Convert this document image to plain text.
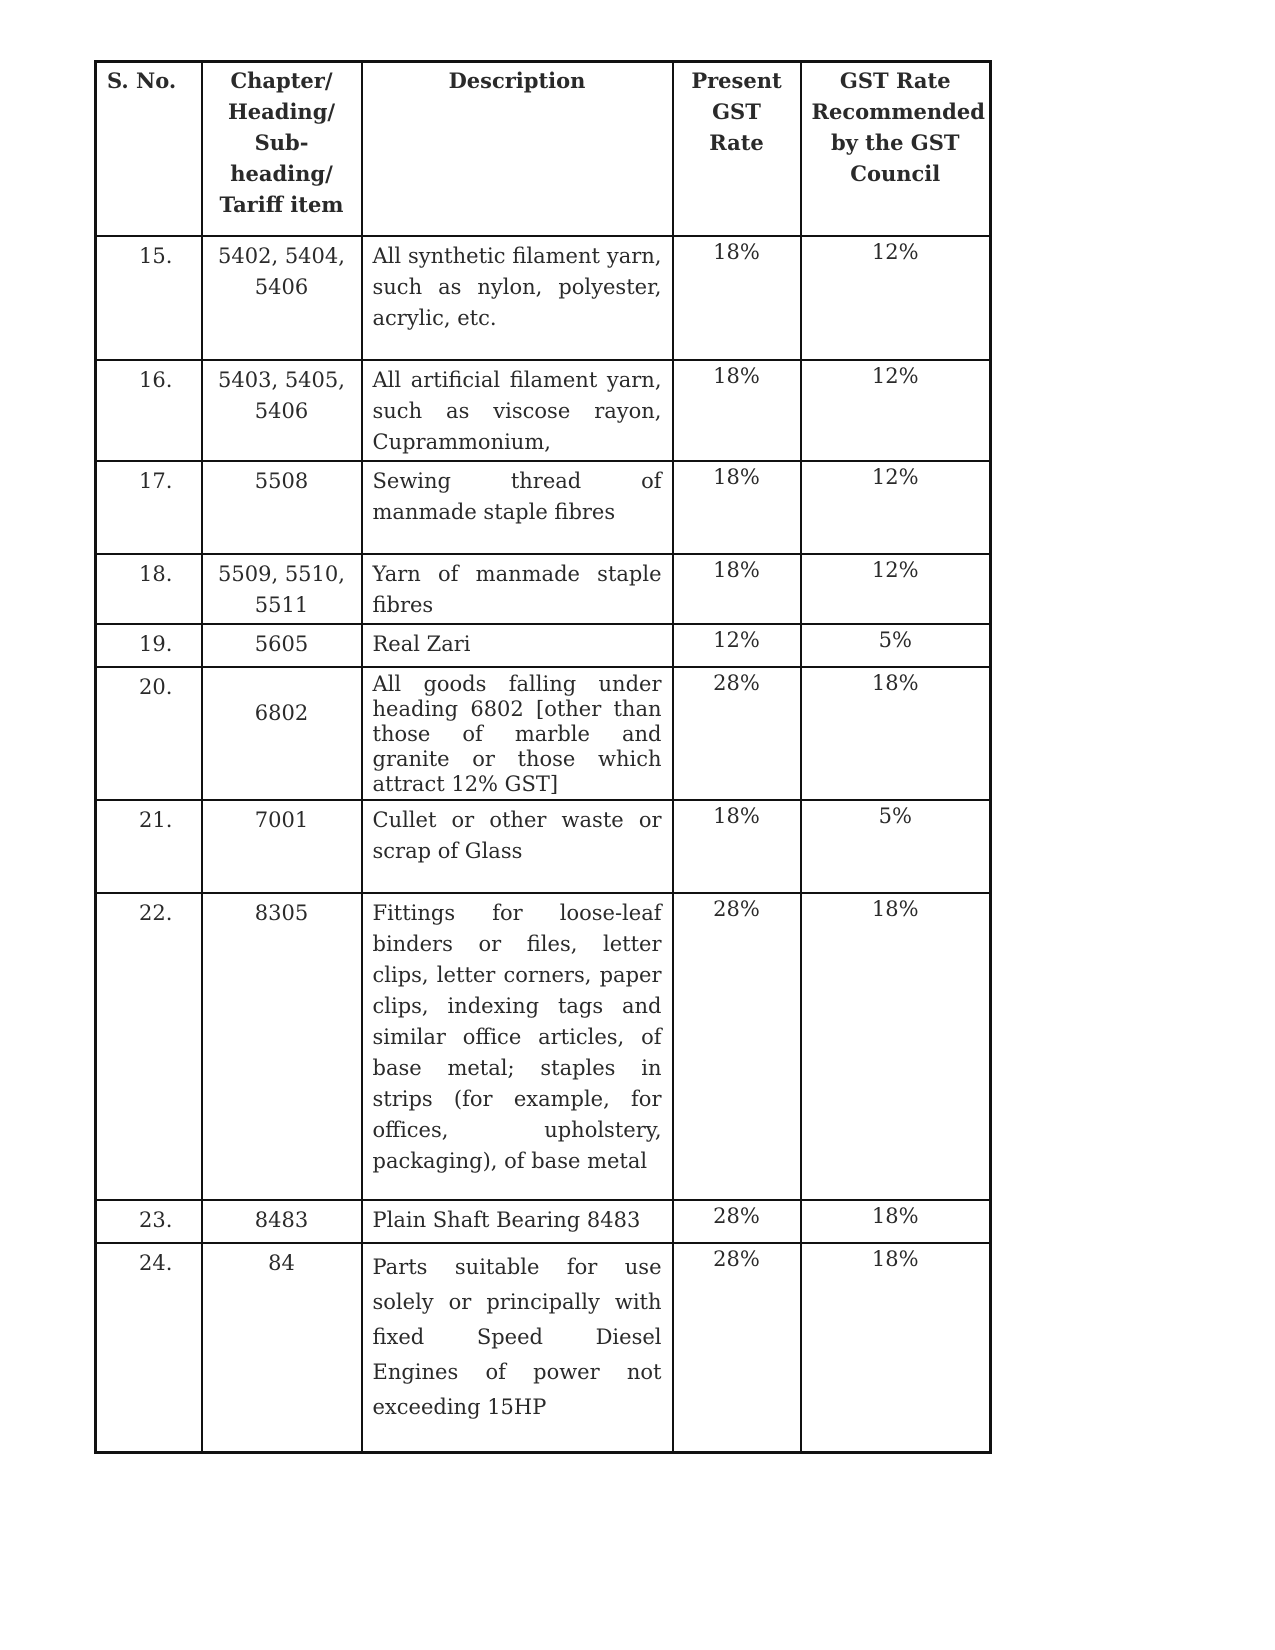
S. No.	Chapter/ Heading/ Sub-heading/ Tariff item	Description	Present GST Rate	GST Rate Recommended by the GST Council
15.	5402, 5404, 5406	All synthetic filament yarn, such as nylon, polyester, acrylic, etc.	18%	12%
16.	5403, 5405, 5406	All artificial filament yarn, such as viscose rayon, Cuprammonium,	18%	12%
17.	5508	Sewing thread of manmade staple fibres	18%	12%
18.	5509, 5510, 5511	Yarn of manmade staple fibres	18%	12%
19.	5605	Real Zari	12%	5%
20.	6802	All goods falling under heading 6802 [other than those of marble and granite or those which attract 12% GST]	28%	18%
21.	7001	Cullet or other waste or scrap of Glass	18%	5%
22.	8305	Fittings for loose-leaf binders or files, letter clips, letter corners, paper clips, indexing tags and similar office articles, of base metal; staples in strips (for example, for offices, upholstery, packaging), of base metal	28%	18%
23.	8483	Plain Shaft Bearing 8483	28%	18%
24.	84	Parts suitable for use solely or principally with fixed Speed Diesel Engines of power not exceeding 15HP	28%	18%
